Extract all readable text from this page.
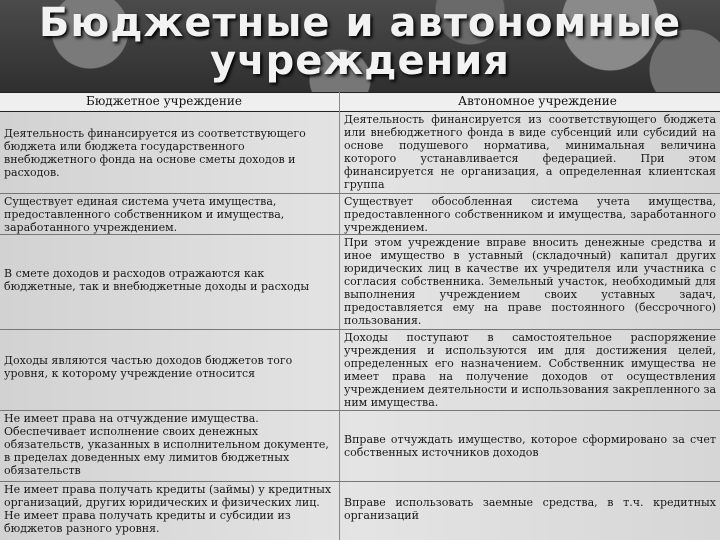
Бюджетные и автономные
учреждения
Бюджетное учреждение	Автономное учреждение
Деятельность финансируется из соответствующего бюджета или бюджета государственного внебюджетного фонда на основе сметы доходов и расходов.
Деятельность финансируется из соответствующего бюджета или внебюджетного фонда в виде субсенций или субсидий на основе подушевого норматива, минимальная величина которого устанавливается федерацией. При этом финансируется не организация, а определенная клиентская группа
Существует единая система учета имущества, предоставленного собственником и имущества, заработанного учреждением.
Существует обособленная система учета имущества, предоставленного собственником и имущества, заработанного учреждением.
В смете доходов и расходов отражаются как бюджетные, так и внебюджетные доходы и расходы
При этом учреждение вправе вносить денежные средства и иное имущество в уставный (складочный) капитал других юридических лиц в качестве их учредителя или участника с согласия собственника. Земельный участок, необходимый для выполнения учреждением своих уставных задач, предоставляется ему на праве постоянного (бессрочного) пользования.
Доходы являются частью доходов бюджетов того уровня, к которому учреждение относится
Доходы поступают в самостоятельное распоряжение учреждения и используются им для достижения целей, определенных его назначением. Собственник имущества не имеет права на получение доходов от осуществления учреждением деятельности и использования закрепленного за ним имущества.
Не имеет права на отчуждение имущества. Обеспечивает исполнение своих денежных обязательств, указанных в исполнительном документе, в пределах доведенных ему лимитов бюджетных обязательств
Вправе отчуждать имущество, которое сформировано за счет собственных источников доходов
Не имеет права получать кредиты (займы) у кредитных организаций, других юридических и физических лиц. Не имеет права получать кредиты и субсидии из бюджетов разного уровня.
Вправе использовать заемные средства, в т.ч. кредитных организаций
